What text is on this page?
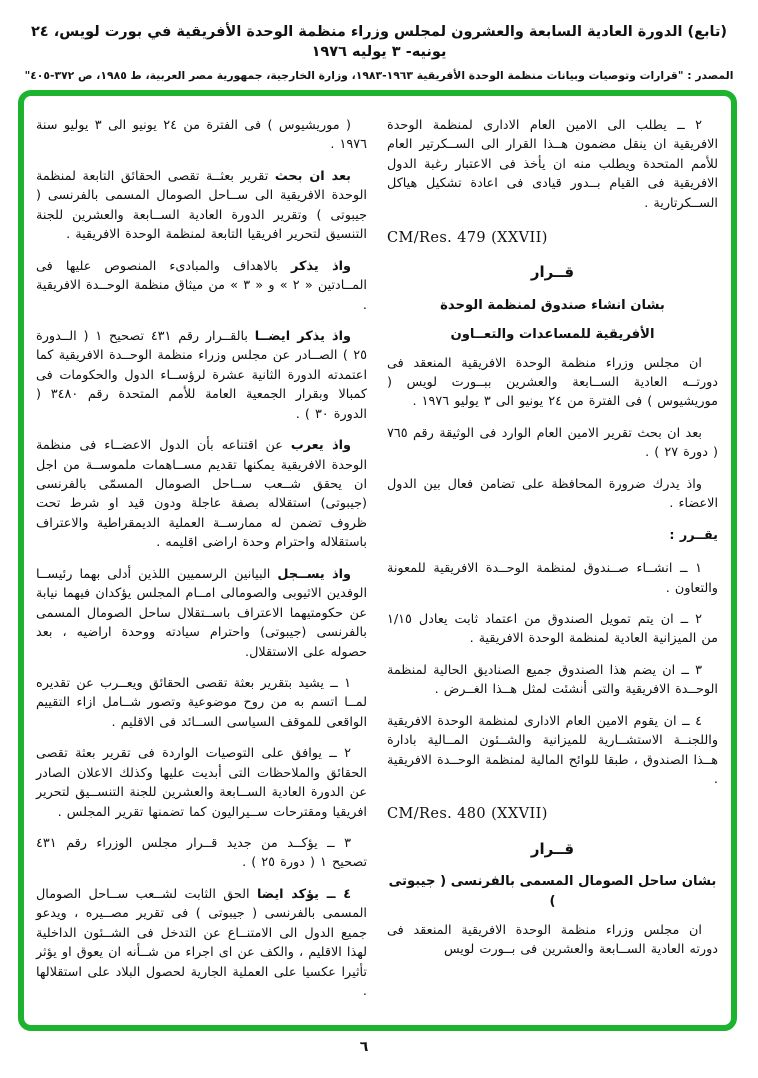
(تابع) الدورة العادية السابعة والعشرون لمجلس وزراء منظمة الوحدة الأفريقية في بورت لويس، ٢٤ يونيه- ٣ يوليه ١٩٧٦
المصدر : "قرارات وتوصيات وبيانات منظمة الوحدة الأفريقية ١٩٦٣-١٩٨٣، وزارة الخارجية، جمهورية مصر العربية، ط ١٩٨٥، ص ٣٧٢-٤٠٥"

٢ ــ يطلب الى الامين العام الادارى لمنظمة الوحدة الافريقية ان ينقل مضمون هــذا القرار الى الســكرتير العام للأمم المتحدة ويطلب منه ان يأخذ فى الاعتبار رغبة الدول الافريقية فى القيام بــدور قيادى فى اعادة تشكيل هياكل الســكرتارية .

CM/Res. 479 (XXVII)

قــرار
بشان انشاء صندوق لمنظمة الوحدة
الأفريقية للمساعدات والتعــاون

ان مجلس وزراء منظمة الوحدة الافريقية المنعقد فى دورتــه العادية الســابعة والعشرين ببــورت لويس ( موريشيوس ) فى الفترة من ٢٤ يونيو الى ٣ يوليو ١٩٧٦ .

بعد ان بحث تقرير الامين العام الوارد فى الوثيقة رقم ٧٦٥ ( دورة ٢٧ ) .

واذ يدرك ضرورة المحافظة على تضامن فعال بين الدول الاعضاء .

يقــرر :

١ ــ انشــاء صــندوق لمنظمة الوحــدة الافريقية للمعونة والتعاون .

٢ ــ ان يتم تمويل الصندوق من اعتماد ثابت يعادل ١/١٥ من الميزانية العادية لمنظمة الوحدة الافريقية .

٣ ــ ان يضم هذا الصندوق جميع الصناديق الحالية لمنظمة الوحــدة الافريقية والتى أنشئت لمثل هــذا الغــرض .

٤ ــ ان يقوم الامين العام الادارى لمنظمة الوحدة الافريقية واللجنــة الاستشــارية للميزانية والشــئون المــالية بادارة هــذا الصندوق ، طبقا للوائح المالية لمنظمة الوحــدة الافريقية .

CM/Res. 480 (XXVII)

قــرار
بشان ساحل الصومال المسمى بالفرنسى ( جيبوتى )

ان مجلس وزراء منظمة الوحدة الافريقية المنعقد فى دورته العادية الســابعة والعشرين فى بــورت لويس

( موريشيوس ) فى الفترة من ٢٤ يونيو الى ٣ يوليو سنة ١٩٧٦ .

بعد ان بحث تقرير بعثــة تقصى الحقائق التابعة لمنظمة الوحدة الافريقية الى ســاحل الصومال المسمى بالفرنسى ( جيبوتى ) وتقرير الدورة العادية الســابعة والعشرين للجنة التنسيق لتحرير افريقيا التابعة لمنظمة الوحدة الافريقية .

واذ يذكر بالاهداف والمبادىء المنصوص عليها فى المــادتين « ٢ » و « ٣ » من ميثاق منظمة الوحــدة الافريقية .

واذ يذكر ايضــا بالقــرار رقم ٤٣١ تصحيح ١ ( الــدورة ٢٥ ) الصــادر عن مجلس وزراء منظمة الوحــدة الافريقية كما اعتمدته الدورة الثانية عشرة لرؤســاء الدول والحكومات فى كمبالا وبقرار الجمعية العامة للأمم المتحدة رقم ٣٤٨٠ ( الدورة ٣٠ ) .

واذ يعرب عن اقتناعه بأن الدول الاعضــاء فى منظمة الوحدة الافريقية يمكنها تقديم مســاهمات ملموســة من اجل ان يحقق شــعب ســاحل الصومال المسمّى بالفرنسى (جيبوتى) استقلاله بصفة عاجلة ودون قيد او شرط تحت ظروف تضمن له ممارســة العملية الديمقراطية والاعتراف باستقلاله واحترام وحدة اراضى اقليمه .

واذ يســجل البيانين الرسميين اللذين أدلى بهما رئيســا الوفدين الاثيوبى والصومالى امــام المجلس يؤكدان فيهما نيابة عن حكومتيهما الاعتراف باســتقلال ساحل الصومال المسمى بالفرنسى (جيبوتى) واحترام سيادته ووحدة اراضيه ، بعد حصوله على الاستقلال.

١ ــ يشيد بتقرير بعثة تقصى الحقائق ويعــرب عن تقديره لمــا اتسم به من روح موضوعية وتصور شــامل ازاء التقييم الواقعى للموقف السياسى الســائد فى الاقليم .

٢ ــ يوافق على التوصيات الواردة فى تقرير بعثة تقصى الحقائق والملاحظات التى أبديت عليها وكذلك الاعلان الصادر عن الدورة العادية الســابعة والعشرين للجنة التنســيق لتحرير افريقيا ومقترحات ســيراليون كما تضمنها تقرير المجلس .

٣ ــ يؤكــد من جديد قــرار مجلس الوزراء رقم ٤٣١ تصحيح ١ ( دورة ٢٥ ) .

٤ ــ يؤكد ايضا الحق الثابت لشــعب ســاحل الصومال المسمى بالفرنسى ( جيبوتى ) فى تقرير مصــيره ، ويدعو جميع الدول الى الامتنــاع عن التدخل فى الشــئون الداخلية لهذا الاقليم ، والكف عن اى اجراء من شــأنه ان يعوق او يؤثر تأثيرا عكسيا على العملية الجارية لحصول البلاد على استقلالها .

٦
